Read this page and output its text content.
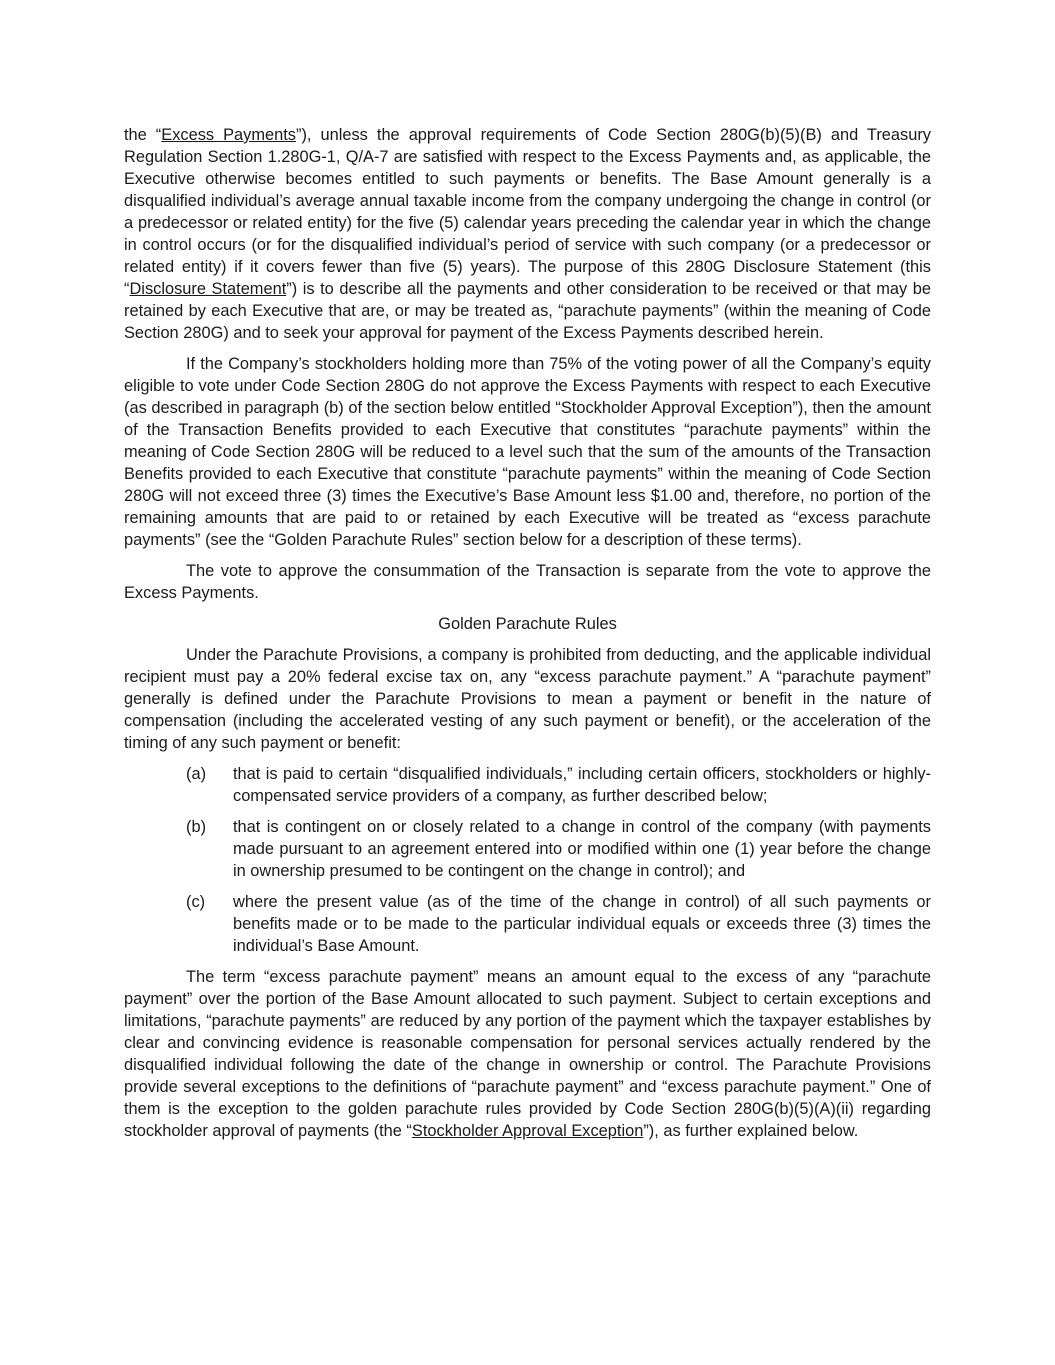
the “Excess Payments”), unless the approval requirements of Code Section 280G(b)(5)(B) and Treasury Regulation Section 1.280G-1, Q/A-7 are satisfied with respect to the Excess Payments and, as applicable, the Executive otherwise becomes entitled to such payments or benefits. The Base Amount generally is a disqualified individual’s average annual taxable income from the company undergoing the change in control (or a predecessor or related entity) for the five (5) calendar years preceding the calendar year in which the change in control occurs (or for the disqualified individual’s period of service with such company (or a predecessor or related entity) if it covers fewer than five (5) years). The purpose of this 280G Disclosure Statement (this “Disclosure Statement”) is to describe all the payments and other consideration to be received or that may be retained by each Executive that are, or may be treated as, “parachute payments” (within the meaning of Code Section 280G) and to seek your approval for payment of the Excess Payments described herein.

If the Company’s stockholders holding more than 75% of the voting power of all the Company’s equity eligible to vote under Code Section 280G do not approve the Excess Payments with respect to each Executive (as described in paragraph (b) of the section below entitled “Stockholder Approval Exception”), then the amount of the Transaction Benefits provided to each Executive that constitutes “parachute payments” within the meaning of Code Section 280G will be reduced to a level such that the sum of the amounts of the Transaction Benefits provided to each Executive that constitute “parachute payments” within the meaning of Code Section 280G will not exceed three (3) times the Executive’s Base Amount less $1.00 and, therefore, no portion of the remaining amounts that are paid to or retained by each Executive will be treated as “excess parachute payments” (see the “Golden Parachute Rules” section below for a description of these terms).

The vote to approve the consummation of the Transaction is separate from the vote to approve the Excess Payments.

Golden Parachute Rules

Under the Parachute Provisions, a company is prohibited from deducting, and the applicable individual recipient must pay a 20% federal excise tax on, any “excess parachute payment.” A “parachute payment” generally is defined under the Parachute Provisions to mean a payment or benefit in the nature of compensation (including the accelerated vesting of any such payment or benefit), or the acceleration of the timing of any such payment or benefit:

(a)	that is paid to certain “disqualified individuals,” including certain officers, stockholders or highly-compensated service providers of a company, as further described below;
(b)	that is contingent on or closely related to a change in control of the company (with payments made pursuant to an agreement entered into or modified within one (1) year before the change in ownership presumed to be contingent on the change in control); and
(c)	where the present value (as of the time of the change in control) of all such payments or benefits made or to be made to the particular individual equals or exceeds three (3) times the individual’s Base Amount.

The term “excess parachute payment” means an amount equal to the excess of any “parachute payment” over the portion of the Base Amount allocated to such payment. Subject to certain exceptions and limitations, “parachute payments” are reduced by any portion of the payment which the taxpayer establishes by clear and convincing evidence is reasonable compensation for personal services actually rendered by the disqualified individual following the date of the change in ownership or control. The Parachute Provisions provide several exceptions to the definitions of “parachute payment” and “excess parachute payment.” One of them is the exception to the golden parachute rules provided by Code Section 280G(b)(5)(A)(ii) regarding stockholder approval of payments (the “Stockholder Approval Exception”), as further explained below.
